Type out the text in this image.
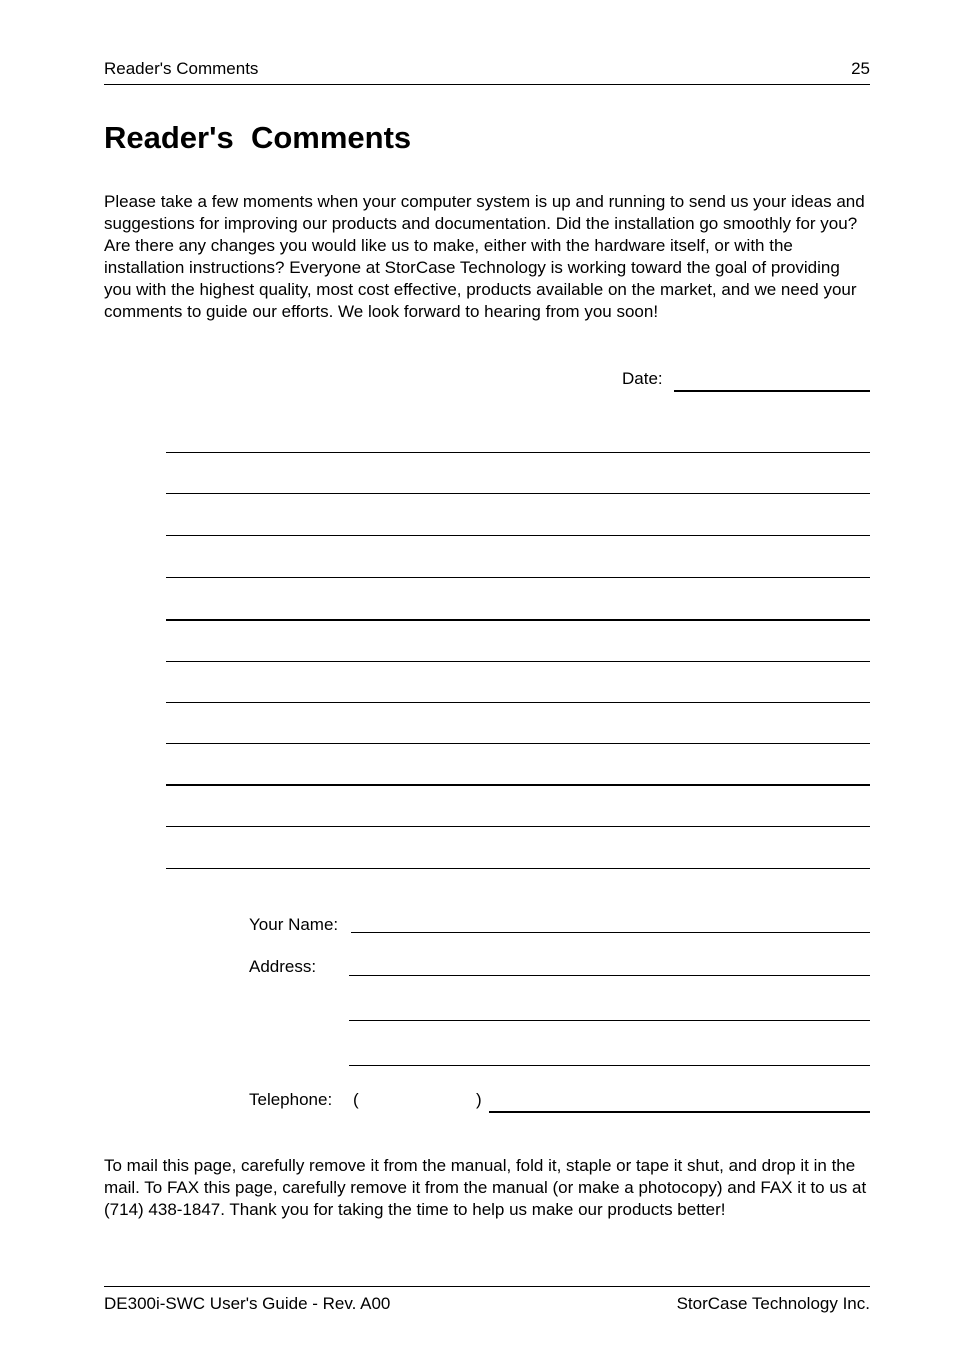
Reader's Comments	25
Reader's  Comments
Please take a few moments when your computer system is up and running to send us your ideas and suggestions for improving our products and documentation. Did the installation go smoothly for you? Are there any changes you would like us to make, either with the hardware itself, or with the installation instructions? Everyone at StorCase Technology is working toward the goal of providing you with the highest quality, most cost effective, products available on the market, and we need your comments to guide our efforts. We look forward to hearing from you soon!
Date:
Your Name:
Address:
Telephone: (	)
To mail this page, carefully remove it from the manual, fold it, staple or tape it shut, and drop it in the mail. To FAX this page, carefully remove it from the manual (or make a photocopy) and FAX it to us at (714) 438-1847. Thank you for taking the time to help us make our products better!
DE300i-SWC User's Guide - Rev. A00	StorCase Technology Inc.
